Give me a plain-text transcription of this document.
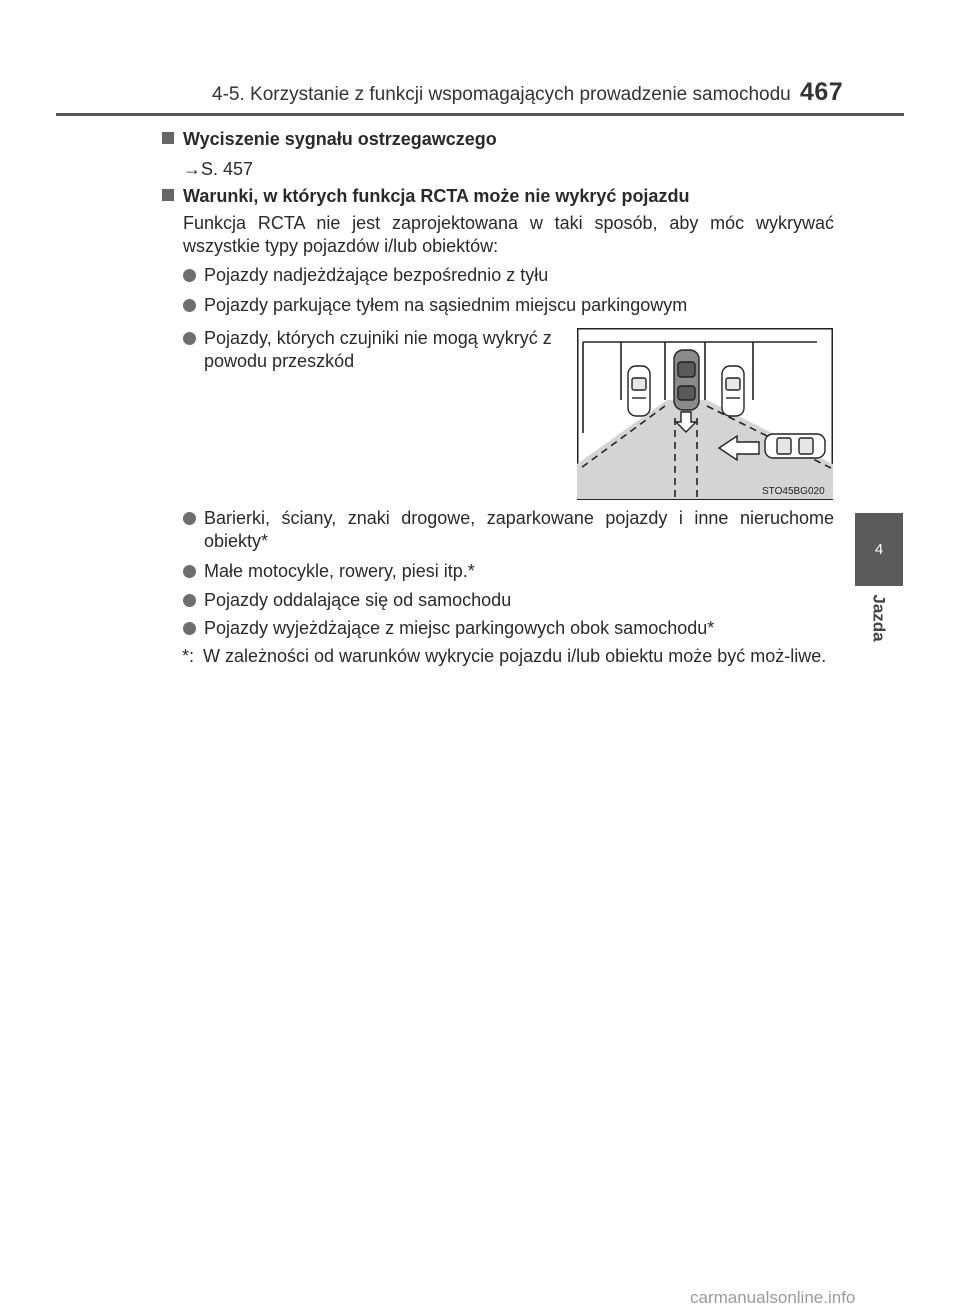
4-5. Korzystanie z funkcji wspomagających prowadzenie samochodu 467
4
Jazda
Wyciszenie sygnału ostrzegawczego
→S. 457
Warunki, w których funkcja RCTA może nie wykryć pojazdu
Funkcja RCTA nie jest zaprojektowana w taki sposób, aby móc wykrywać wszystkie typy pojazdów i/lub obiektów:
Pojazdy nadjeżdżające bezpośrednio z tyłu
Pojazdy parkujące tyłem na sąsiednim miejscu parkingowym
Pojazdy, których czujniki nie mogą wykryć z powodu przeszkód
STO45BG020
Barierki, ściany, znaki drogowe, zaparkowane pojazdy i inne nieruchome obiekty*
Małe motocykle, rowery, piesi itp.*
Pojazdy oddalające się od samochodu
Pojazdy wyjeżdżające z miejsc parkingowych obok samochodu*
*: W zależności od warunków wykrycie pojazdu i/lub obiektu może być moż-liwe.
carmanualsonline.info
